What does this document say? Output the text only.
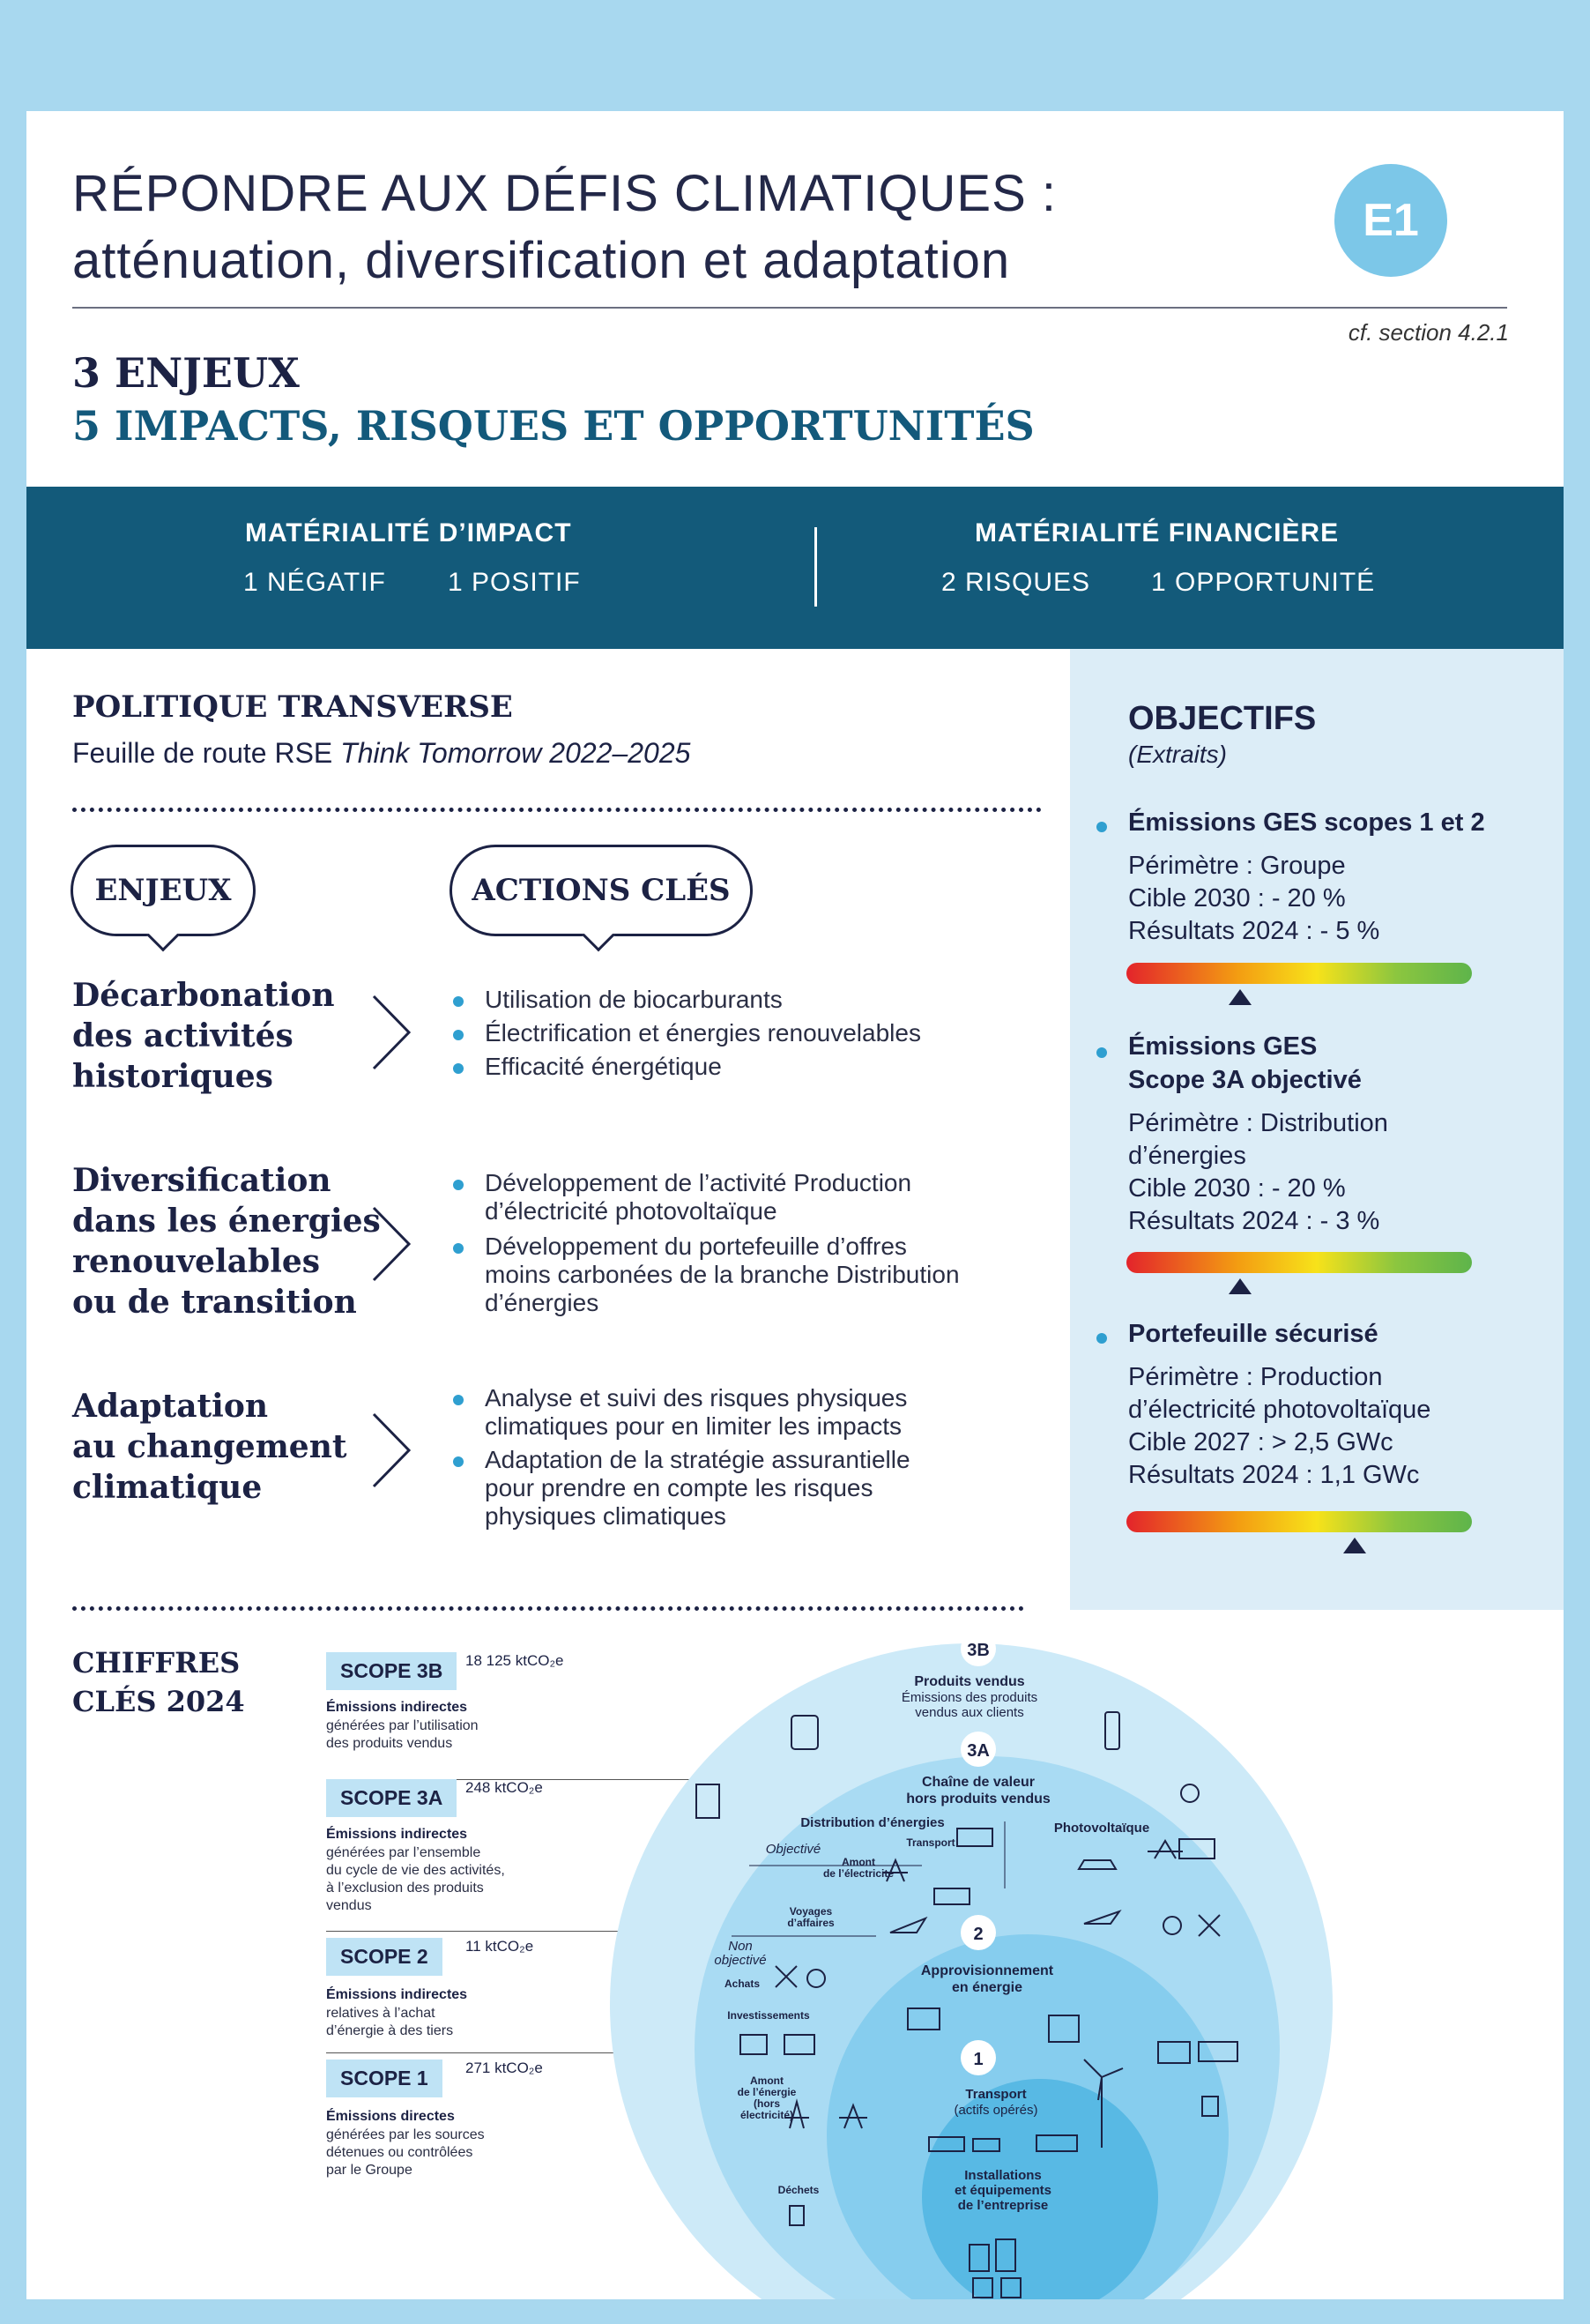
RÉPONDRE AUX DÉFIS CLIMATIQUES :
atténuation, diversification et adaptation
E1
cf. section 4.2.1
3 ENJEUX
5 IMPACTS, RISQUES ET OPPORTUNITÉS
MATÉRIALITÉ D’IMPACT
1 NÉGATIF 1 POSITIF
MATÉRIALITÉ FINANCIÈRE
2 RISQUES 1 OPPORTUNITÉ
POLITIQUE TRANSVERSE
Feuille de route RSE Think Tomorrow 2022–2025
ENJEUX	ACTIONS CLÉS
Décarbonation
des activités
historiques
Utilisation de biocarburants
Électrification et énergies renouvelables
Efficacité énergétique
Diversification
dans les énergies
renouvelables
ou de transition
Développement de l’activité Production
d’électricité photovoltaïque
Développement du portefeuille d’offres
moins carbonées de la branche Distribution
d’énergies
Adaptation
au changement
climatique
Analyse et suivi des risques physiques
climatiques pour en limiter les impacts
Adaptation de la stratégie assurantielle
pour prendre en compte les risques
physiques climatiques
OBJECTIFS
(Extraits)
Émissions GES scopes 1 et 2
Périmètre : Groupe
Cible 2030 : - 20 %
Résultats 2024 : - 5 %
Émissions GES
Scope 3A objectivé
Périmètre : Distribution
d’énergies
Cible 2030 : - 20 %
Résultats 2024 : - 3 %
Portefeuille sécurisé
Périmètre : Production
d’électricité photovoltaïque
Cible 2027 : > 2,5 GWc
Résultats 2024 : 1,1 GWc
CHIFFRES
CLÉS 2024
SCOPE 3B	18 125 ktCO₂e
Émissions indirectes
générées par l’utilisation
des produits vendus
SCOPE 3A	248 ktCO₂e
Émissions indirectes
générées par l’ensemble
du cycle de vie des activités,
à l’exclusion des produits
vendus
SCOPE 2	11 ktCO₂e
Émissions indirectes
relatives à l’achat
d’énergie à des tiers
SCOPE 1	271 ktCO₂e
Émissions directes
générées par les sources
détenues ou contrôlées
par le Groupe
3B
3A
2
1
Produits vendus
Émissions des produits vendus aux clients
Chaîne de valeur hors produits vendus
Distribution d’énergies
Objectivé
Photovoltaïque
Transport
Amont de l’électricité
Voyages d’affaires
Non objectivé
Achats
Investissements
Amont de l’énergie (hors électricité)
Déchets
Approvisionnement en énergie
Transport
(actifs opérés)
Installations et équipements de l’entreprise
